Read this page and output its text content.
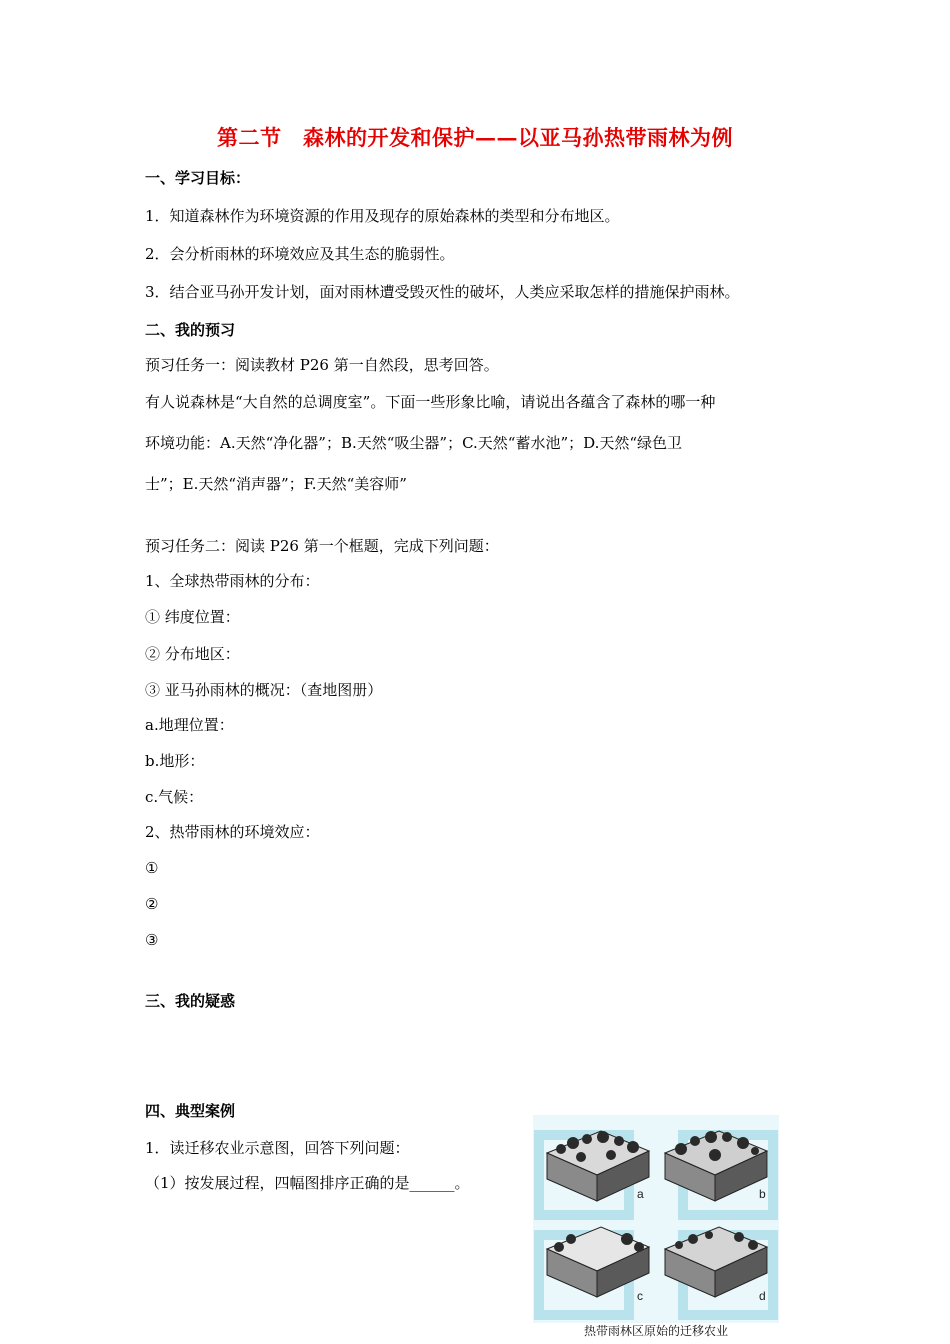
第二节　森林的开发和保护——以亚马孙热带雨林为例
一、学习目标：
1．知道森林作为环境资源的作用及现存的原始森林的类型和分布地区。
2．会分析雨林的环境效应及其生态的脆弱性。
3．结合亚马孙开发计划，面对雨林遭受毁灭性的破坏，人类应采取怎样的措施保护雨林。
二、我的预习
预习任务一：阅读教材 P26 第一自然段，思考回答。
有人说森林是“大自然的总调度室”。下面一些形象比喻，请说出各蕴含了森林的哪一种
环境功能：A.天然“净化器”；B.天然“吸尘器”；C.天然“蓄水池”；D.天然“绿色卫
士”；E.天然“消声器”；F.天然“美容师”
预习任务二：阅读 P26 第一个框题，完成下列问题：
1、全球热带雨林的分布：
① 纬度位置：
② 分布地区：
③ 亚马孙雨林的概况：（查地图册）
a.地理位置：
b.地形：
c.气候：
2、热带雨林的环境效应：
①
②
③
三、我的疑惑
四、典型案例
1．读迁移农业示意图，回答下列问题：
（1）按发展过程，四幅图排序正确的是______。
a	b
c	d
热带雨林区原始的迁移农业
